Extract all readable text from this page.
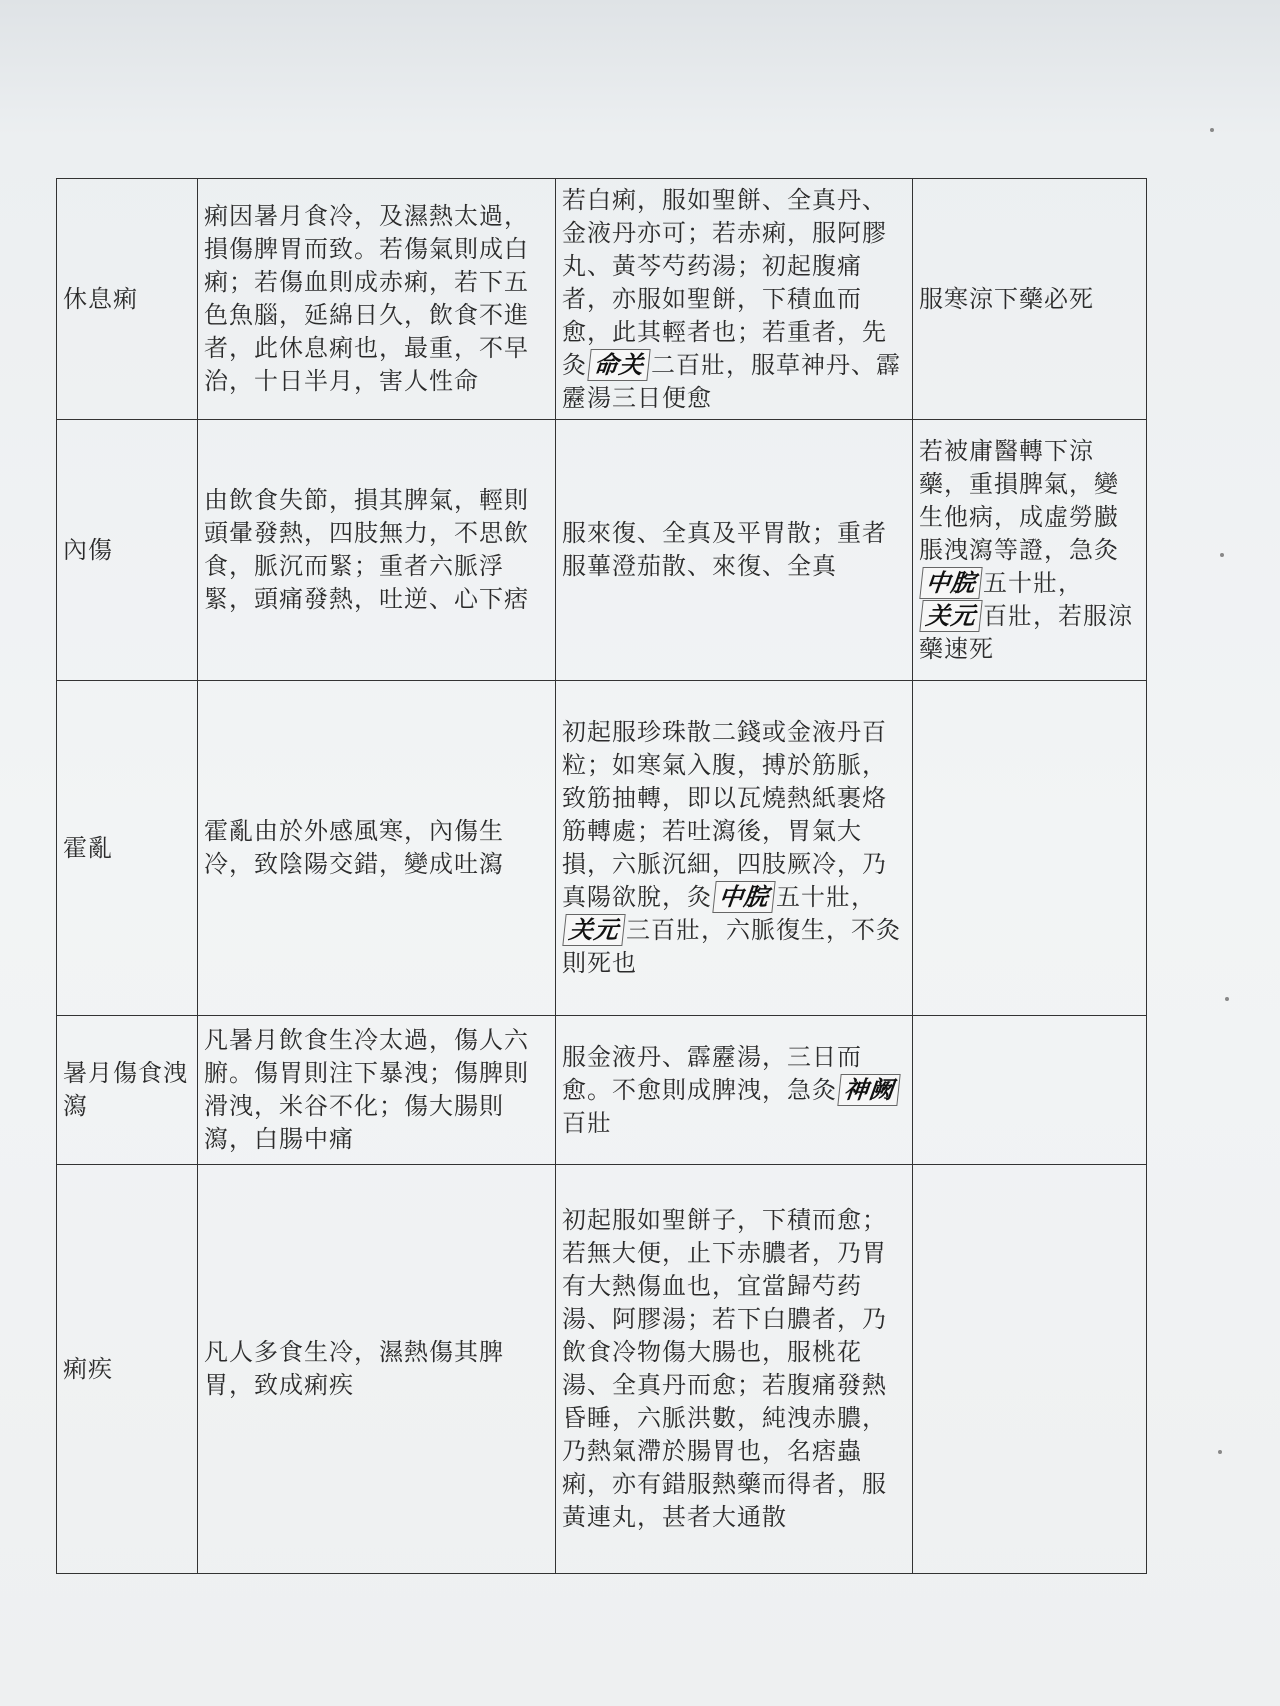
休息痢	痢因暑月食冷，及濕熱太過，損傷脾胃而致。若傷氣則成白痢；若傷血則成赤痢，若下五色魚腦，延綿日久，飲食不進者，此休息痢也，最重，不早治，十日半月，害人性命	若白痢，服如聖餅、全真丹、金液丹亦可；若赤痢，服阿膠丸、黃芩芍药湯；初起腹痛者，亦服如聖餅，下積血而愈，此其輕者也；若重者，先灸 命关 二百壯，服草神丹、霹靂湯三日便愈	服寒涼下藥必死
內傷	由飲食失節，損其脾氣，輕則頭暈發熱，四肢無力，不思飲食，脈沉而緊；重者六脈浮緊，頭痛發熱，吐逆、心下痞	服來復、全真及平胃散；重者服蓽澄茄散、來復、全真	若被庸醫轉下涼藥，重損脾氣，變生他病，成虛勞臌脹洩瀉等證，急灸中脘 五十壯，关元 百壯，若服涼藥速死
霍亂	霍亂由於外感風寒，內傷生冷，致陰陽交錯，變成吐瀉	初起服珍珠散二錢或金液丹百粒；如寒氣入腹，搏於筋脈，致筋抽轉，即以瓦燒熱紙裹烙筋轉處；若吐瀉後，胃氣大損，六脈沉細，四肢厥冷，乃真陽欲脫，灸 中脘 五十壯，关元 三百壯，六脈復生，不灸則死也	
暑月傷食洩瀉	凡暑月飲食生冷太過，傷人六腑。傷胃則注下暴洩；傷脾則滑洩，米谷不化；傷大腸則瀉，白腸中痛	服金液丹、霹靂湯，三日而愈。不愈則成脾洩，急灸 神阙百壯	
痢疾	凡人多食生冷，濕熱傷其脾胃，致成痢疾	初起服如聖餅子，下積而愈；若無大便，止下赤膿者，乃胃有大熱傷血也，宜當歸芍药湯、阿膠湯；若下白膿者，乃飲食冷物傷大腸也，服桃花湯、全真丹而愈；若腹痛發熱昏睡，六脈洪數，純洩赤膿，乃熱氣滯於腸胃也，名痞蟲痢，亦有錯服熱藥而得者，服黃連丸，甚者大通散	
